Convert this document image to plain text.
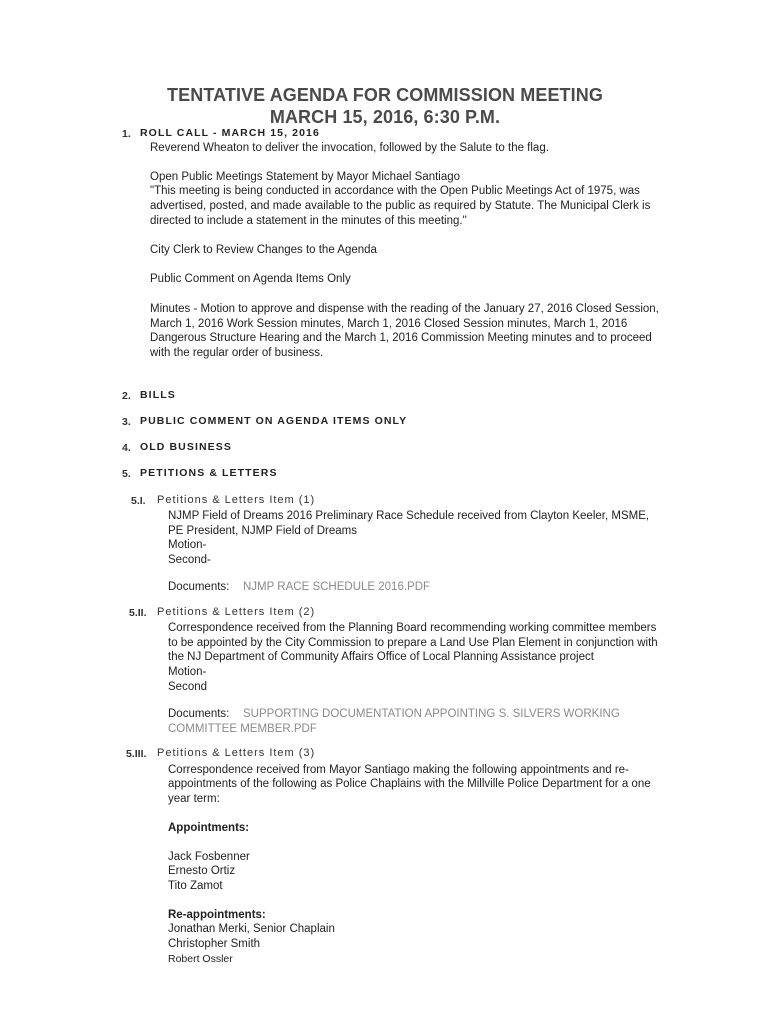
TENTATIVE AGENDA FOR COMMISSION MEETING
MARCH 15, 2016, 6:30 P.M.
1. ROLL CALL - MARCH 15, 2016
Reverend Wheaton to deliver the invocation, followed by the Salute to the flag.
Open Public Meetings Statement by Mayor Michael Santiago
"This meeting is being conducted in accordance with the Open Public Meetings Act of 1975, was
advertised, posted, and made available to the public as required by Statute. The Municipal Clerk is
directed to include a statement in the minutes of this meeting."
City Clerk to Review Changes to the Agenda
Public Comment on Agenda Items Only
Minutes - Motion to approve and dispense with the reading of the January 27, 2016 Closed Session,
March 1, 2016 Work Session minutes, March 1, 2016 Closed Session minutes, March 1, 2016
Dangerous Structure Hearing and the March 1, 2016 Commission Meeting minutes and to proceed
with the regular order of business.
2. BILLS
3. PUBLIC COMMENT ON AGENDA ITEMS ONLY
4. OLD BUSINESS
5. PETITIONS & LETTERS
5.I. Petitions & Letters Item (1)
NJMP Field of Dreams 2016 Preliminary Race Schedule received from Clayton Keeler, MSME,
PE President, NJMP Field of Dreams
Motion-
Second-
Documents: NJMP RACE SCHEDULE 2016.PDF
5.II. Petitions & Letters Item (2)
Correspondence received from the Planning Board recommending working committee members
to be appointed by the City Commission to prepare a Land Use Plan Element in conjunction with
the NJ Department of Community Affairs Office of Local Planning Assistance project
Motion-
Second
Documents: SUPPORTING DOCUMENTATION APPOINTING S. SILVERS WORKING
COMMITTEE MEMBER.PDF
5.III. Petitions & Letters Item (3)
Correspondence received from Mayor Santiago making the following appointments and re-
appointments of the following as Police Chaplains with the Millville Police Department for a one
year term:
Appointments:
Jack Fosbenner
Ernesto Ortiz
Tito Zamot
Re-appointments:
Jonathan Merki, Senior Chaplain
Christopher Smith
Robert Ossler
